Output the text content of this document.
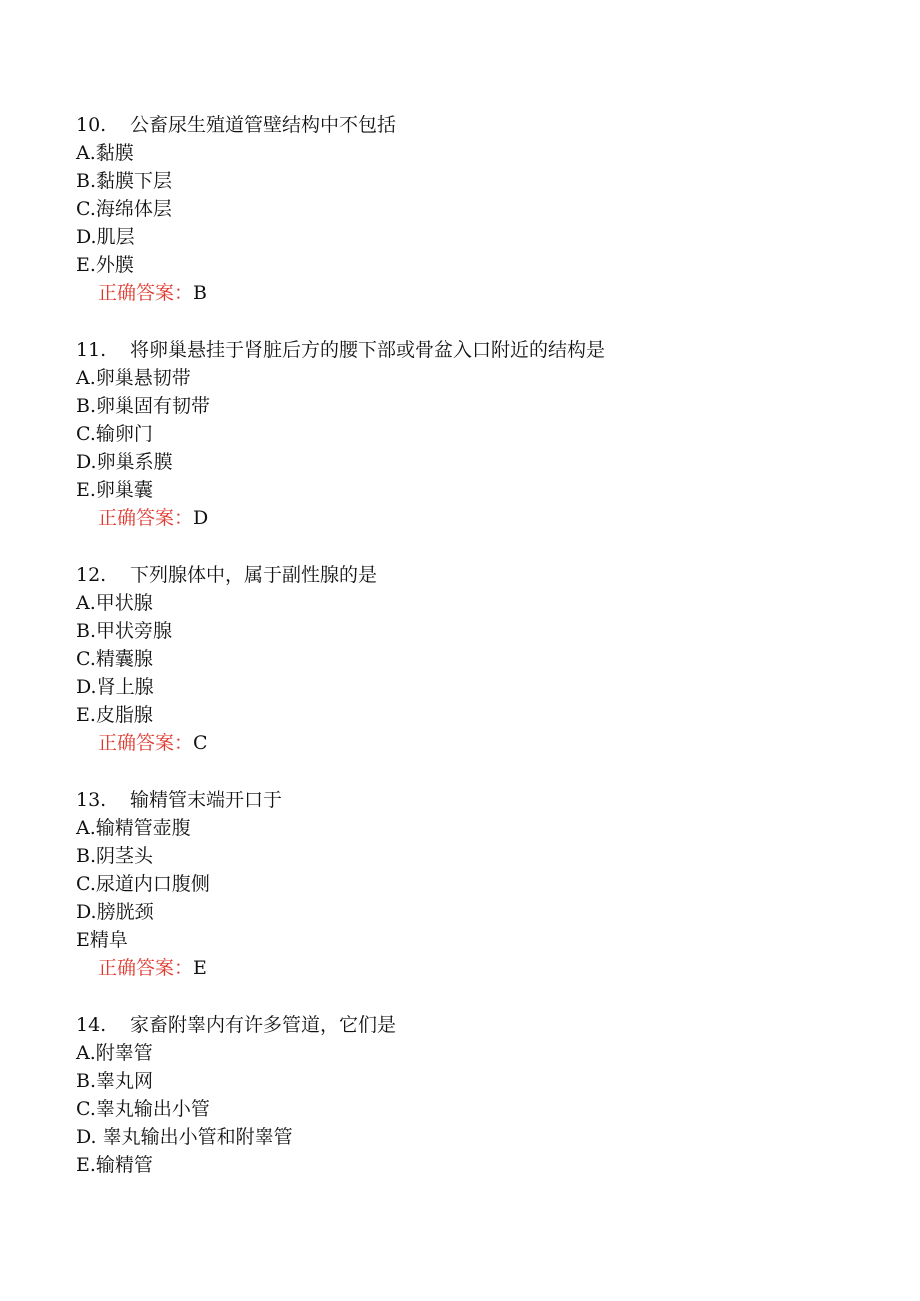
10. 公畜尿生殖道管壁结构中不包括
A.黏膜
B.黏膜下层
C.海绵体层
D.肌层
E.外膜
正确答案：B
11. 将卵巢悬挂于肾脏后方的腰下部或骨盆入口附近的结构是
A.卵巢悬韧带
B.卵巢固有韧带
C.输卵门
D.卵巢系膜
E.卵巢囊
正确答案：D
12. 下列腺体中，属于副性腺的是
A.甲状腺
B.甲状旁腺
C.精囊腺
D.肾上腺
E.皮脂腺
正确答案：C
13. 输精管末端开口于
A.输精管壶腹
B.阴茎头
C.尿道内口腹侧
D.膀胱颈
E精阜
正确答案：E
14. 家畜附睾内有许多管道，它们是
A.附睾管
B.睾丸网
C.睾丸输出小管
D. 睾丸输出小管和附睾管
E.输精管
